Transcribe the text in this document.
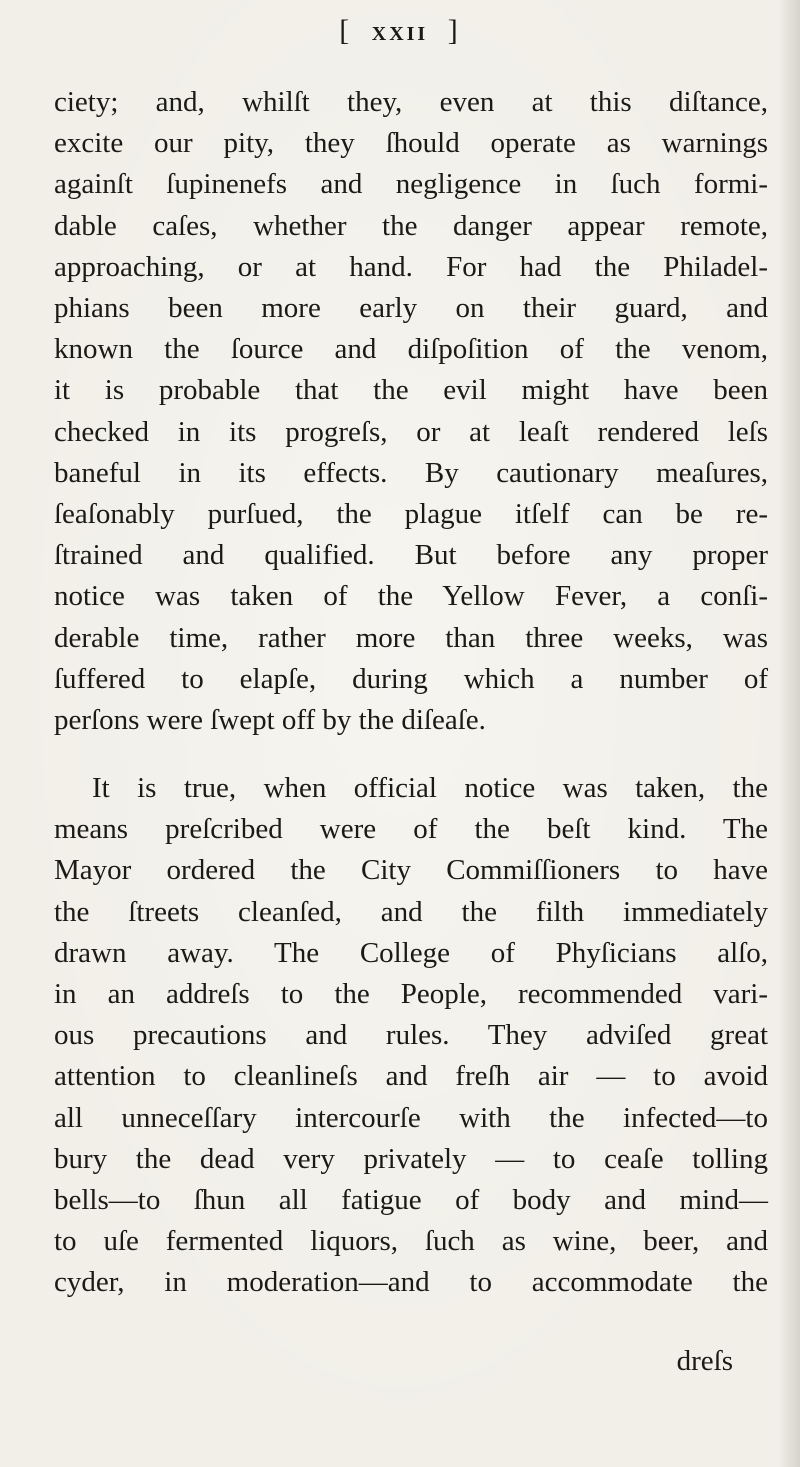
[ XXII ]
ciety; and, whilſt they, even at this diſtance,
excite our pity, they ſhould operate as warnings
againſt ſupinenefs and negligence in ſuch formi-
dable caſes, whether the danger appear remote,
approaching, or at hand. For had the Philadel-
phians been more early on their guard, and
known the ſource and diſpoſition of the venom,
it is probable that the evil might have been
checked in its progreſs, or at leaſt rendered leſs
baneful in its effects. By cautionary meaſures,
ſeaſonably purſued, the plague itſelf can be re-
ſtrained and qualified. But before any proper
notice was taken of the Yellow Fever, a conſi-
derable time, rather more than three weeks, was
ſuffered to elapſe, during which a number of
perſons were ſwept off by the diſeaſe.
It is true, when official notice was taken, the
means preſcribed were of the beſt kind. The
Mayor ordered the City Commiſſioners to have
the ſtreets cleanſed, and the filth immediately
drawn away. The College of Phyſicians alſo,
in an addreſs to the People, recommended vari-
ous precautions and rules. They adviſed great
attention to cleanlineſs and freſh air — to avoid
all unneceſſary intercourſe with the infected—to
bury the dead very privately — to ceaſe tolling
bells—to ſhun all fatigue of body and mind—
to uſe fermented liquors, ſuch as wine, beer, and
cyder, in moderation—and to accommodate the
dreſs
